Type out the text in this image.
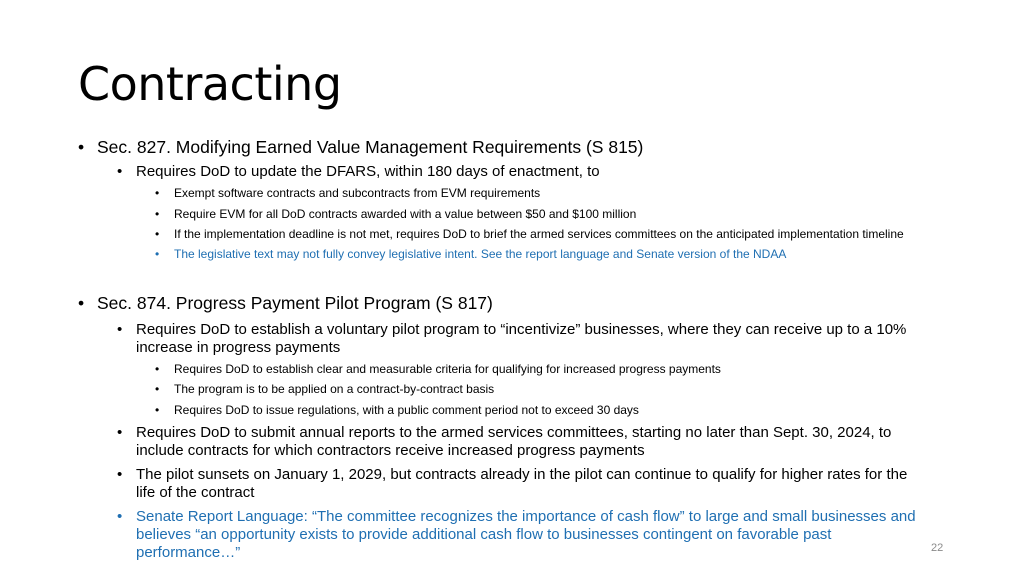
Contracting
• Sec. 827. Modifying Earned Value Management Requirements (S 815)
• Requires DoD to update the DFARS, within 180 days of enactment, to
• Exempt software contracts and subcontracts from EVM requirements
• Require EVM for all DoD contracts awarded with a value between $50 and $100 million
• If the implementation deadline is not met, requires DoD to brief the armed services committees on the anticipated implementation timeline
• The legislative text may not fully convey legislative intent. See the report language and Senate version of the NDAA
• Sec. 874. Progress Payment Pilot Program (S 817)
• Requires DoD to establish a voluntary pilot program to “incentivize” businesses, where they can receive up to a 10%
increase in progress payments
• Requires DoD to establish clear and measurable criteria for qualifying for increased progress payments
• The program is to be applied on a contract-by-contract basis
• Requires DoD to issue regulations, with a public comment period not to exceed 30 days
• Requires DoD to submit annual reports to the armed services committees, starting no later than Sept. 30, 2024, to
include contracts for which contractors receive increased progress payments
• The pilot sunsets on January 1, 2029, but contracts already in the pilot can continue to qualify for higher rates for the
life of the contract
• Senate Report Language: “The committee recognizes the importance of cash flow” to large and small businesses and
believes “an opportunity exists to provide additional cash flow to businesses contingent on favorable past
performance…”	22
